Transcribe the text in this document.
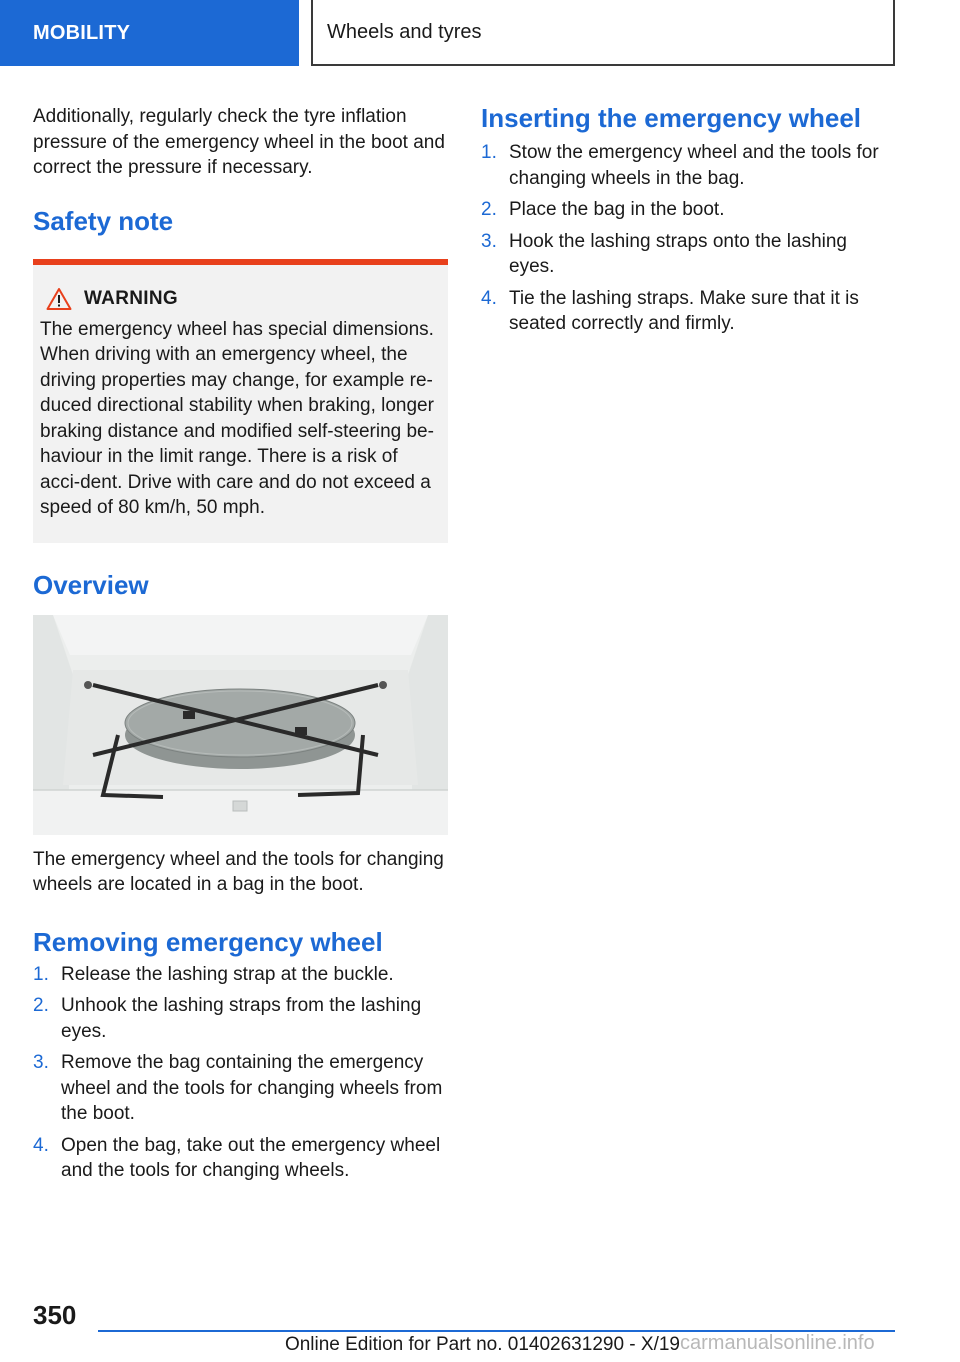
MOBILITY	Wheels and tyres

Additionally, regularly check the tyre inflation pressure of the emergency wheel in the boot and correct the pressure if necessary.

Safety note
WARNING

The emergency wheel has special dimensions. When driving with an emergency wheel, the driving properties may change, for example re-duced directional stability when braking, longer braking distance and modified self-steering be-haviour in the limit range. There is a risk of acci-dent. Drive with care and do not exceed a speed of 80 km/h, 50 mph.

Overview

The emergency wheel and the tools for changing wheels are located in a bag in the boot.

Removing emergency wheel
1. Release the lashing strap at the buckle.
2. Unhook the lashing straps from the lashing eyes.
3. Remove the bag containing the emergency wheel and the tools for changing wheels from the boot.
4. Open the bag, take out the emergency wheel and the tools for changing wheels.
Inserting the emergency wheel
1. Stow the emergency wheel and the tools for changing wheels in the bag.
2. Place the bag in the boot.
3. Hook the lashing straps onto the lashing eyes.
4. Tie the lashing straps. Make sure that it is seated correctly and firmly.
350
Online Edition for Part no. 01402631290 - X/19 carmanualsonline.info
